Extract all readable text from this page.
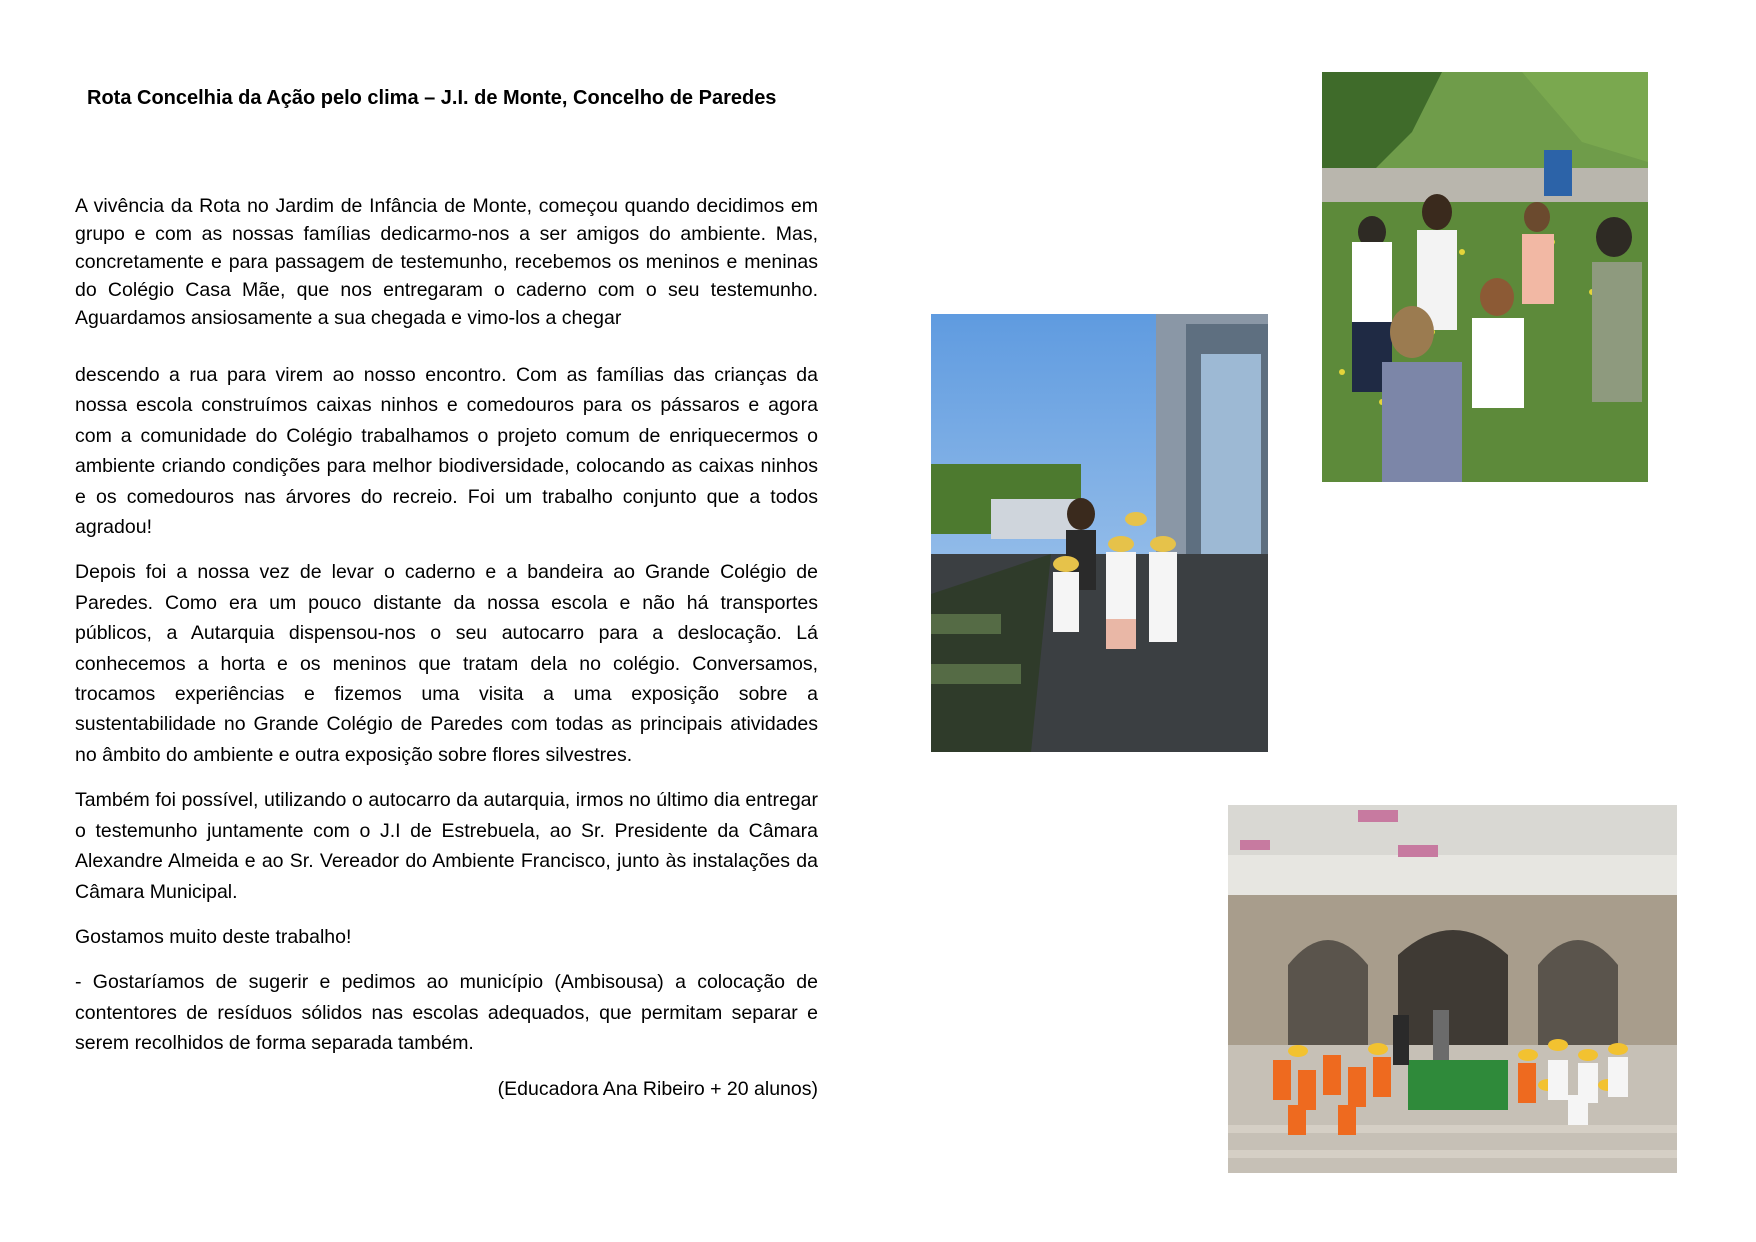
Rota Concelhia da Ação pelo clima – J.I. de Monte, Concelho de Paredes

A vivência da Rota no Jardim de Infância de Monte, começou quando decidimos em grupo e com as nossas famílias dedicarmo-nos a ser amigos do ambiente. Mas, concretamente e para passagem de testemunho, recebemos os meninos e meninas do Colégio Casa Mãe, que nos entregaram o caderno com o seu testemunho. Aguardamos ansiosamente a sua chegada e vimo-los a chegar

descendo a rua para virem ao nosso encontro. Com as famílias das crianças da nossa escola construímos caixas ninhos e comedouros para os pássaros e agora com a comunidade do Colégio trabalhamos o projeto comum de enriquecermos o ambiente criando condições para melhor biodiversidade, colocando as caixas ninhos e os comedouros nas árvores do recreio. Foi um trabalho conjunto que a todos agradou!

Depois foi a nossa vez de levar o caderno e a bandeira ao Grande Colégio de Paredes. Como era um pouco distante da nossa escola e não há transportes públicos, a Autarquia dispensou-nos o seu autocarro para a deslocação. Lá conhecemos a horta e os meninos que tratam dela no colégio. Conversamos, trocamos experiências e fizemos uma visita a uma exposição sobre a sustentabilidade no Grande Colégio de Paredes com todas as principais atividades no âmbito do ambiente e outra exposição sobre flores silvestres.

Também foi possível, utilizando o autocarro da autarquia, irmos no último dia entregar o testemunho juntamente com o J.I de Estrebuela, ao Sr. Presidente da Câmara Alexandre Almeida e ao Sr. Vereador do Ambiente Francisco, junto às instalações da Câmara Municipal.

Gostamos muito deste trabalho!

- Gostaríamos de sugerir e pedimos ao município (Ambisousa) a colocação de contentores de resíduos sólidos nas escolas adequados, que permitam separar e serem recolhidos de forma separada também.

(Educadora Ana Ribeiro + 20 alunos)
